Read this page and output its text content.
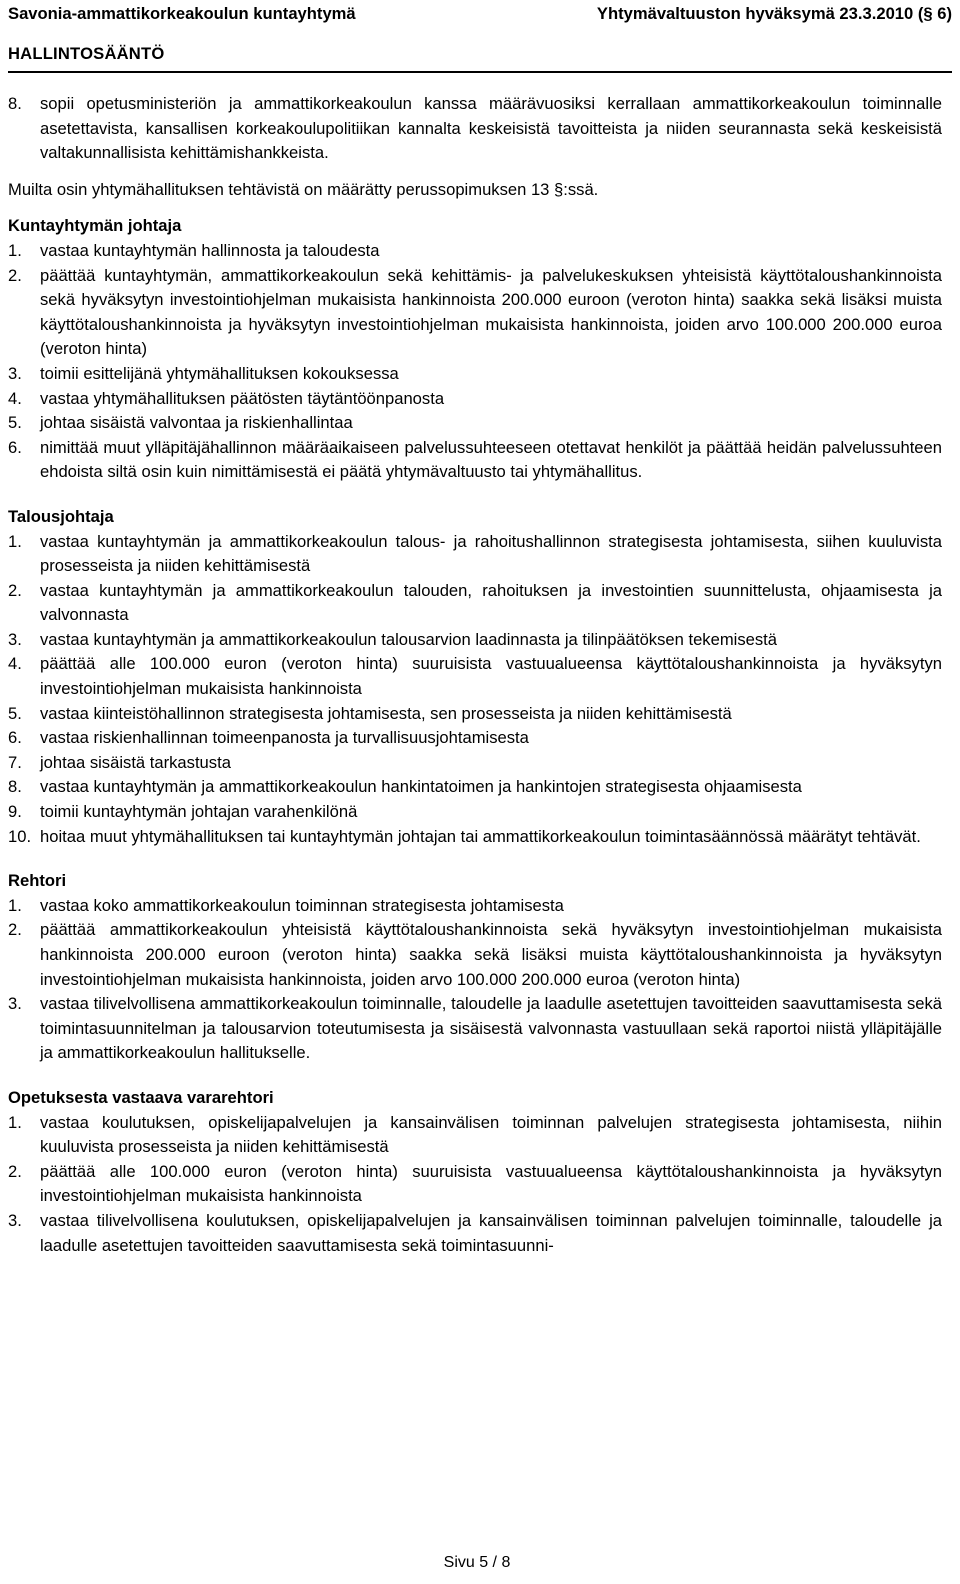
Savonia-ammattikorkeakoulun kuntayhtymä	Yhtymävaltuuston hyväksymä 23.3.2010 (§ 6)
HALLINTOSÄÄNTÖ
8.	sopii opetusministeriön ja ammattikorkeakoulun kanssa määrävuosiksi kerrallaan ammattikorkeakoulun toiminnalle asetettavista, kansallisen korkeakoulupolitiikan kannalta keskeisistä tavoitteista ja niiden seurannasta sekä keskeisistä valtakunnallisista kehittämishankkeista.

Muilta osin yhtymähallituksen tehtävistä on määrätty perussopimuksen 13 §:ssä.

Kuntayhtymän johtaja

1.	vastaa kuntayhtymän hallinnosta ja taloudesta
2.	päättää kuntayhtymän, ammattikorkeakoulun sekä kehittämis- ja palvelukeskuksen yhteisistä käyttötaloushankinnoista sekä hyväksytyn investointiohjelman mukaisista hankinnoista 200.000 euroon (veroton hinta) saakka sekä lisäksi muista käyttötaloushankinnoista ja hyväksytyn investointiohjelman mukaisista hankinnoista, joiden arvo 100.000 200.000 euroa (veroton hinta)
3.	toimii esittelijänä yhtymähallituksen kokouksessa
4.	vastaa yhtymähallituksen päätösten täytäntöönpanosta
5.	johtaa sisäistä valvontaa ja riskienhallintaa
6.	nimittää muut ylläpitäjähallinnon määräaikaiseen palvelussuhteeseen otettavat henkilöt ja päättää heidän palvelussuhteen ehdoista siltä osin kuin nimittämisestä ei päätä yhtymävaltuusto tai yhtymähallitus.

Talousjohtaja

1.	vastaa kuntayhtymän ja ammattikorkeakoulun talous- ja rahoitushallinnon strategisesta johtamisesta, siihen kuuluvista prosesseista ja niiden kehittämisestä
2.	vastaa kuntayhtymän ja ammattikorkeakoulun talouden, rahoituksen ja investointien suunnittelusta, ohjaamisesta ja valvonnasta
3.	vastaa kuntayhtymän ja ammattikorkeakoulun talousarvion laadinnasta ja tilinpäätöksen tekemisestä
4.	päättää alle 100.000 euron (veroton hinta) suuruisista vastuualueensa käyttötaloushankinnoista ja hyväksytyn investointiohjelman mukaisista hankinnoista
5.	vastaa kiinteistöhallinnon strategisesta johtamisesta, sen prosesseista ja niiden kehittämisestä
6.	vastaa riskienhallinnan toimeenpanosta ja turvallisuusjohtamisesta
7.	johtaa sisäistä tarkastusta
8.	vastaa kuntayhtymän ja ammattikorkeakoulun hankintatoimen ja hankintojen strategisesta ohjaamisesta
9.	toimii kuntayhtymän johtajan varahenkilönä
10. hoitaa muut yhtymähallituksen tai kuntayhtymän johtajan tai ammattikorkeakoulun toimintasäännössä määrätyt tehtävät.

Rehtori

1.	vastaa koko ammattikorkeakoulun toiminnan strategisesta johtamisesta
2.	päättää ammattikorkeakoulun yhteisistä käyttötaloushankinnoista sekä hyväksytyn investointiohjelman mukaisista hankinnoista 200.000 euroon (veroton hinta) saakka sekä lisäksi muista käyttötaloushankinnoista ja hyväksytyn investointiohjelman mukaisista hankinnoista, joiden arvo 100.000 200.000 euroa (veroton hinta)
3.	vastaa tilivelvollisena ammattikorkeakoulun toiminnalle, taloudelle ja laadulle asetettujen tavoitteiden saavuttamisesta sekä toimintasuunnitelman ja talousarvion toteutumisesta ja sisäisestä valvonnasta vastuullaan sekä raportoi niistä ylläpitäjälle ja ammattikorkeakoulun hallitukselle.

Opetuksesta vastaava vararehtori

1.	vastaa koulutuksen, opiskelijapalvelujen ja kansainvälisen toiminnan palvelujen strategisesta johtamisesta, niihin kuuluvista prosesseista ja niiden kehittämisestä
2.	päättää alle 100.000 euron (veroton hinta) suuruisista vastuualueensa käyttötaloushankinnoista ja hyväksytyn investointiohjelman mukaisista hankinnoista
3.	vastaa tilivelvollisena koulutuksen, opiskelijapalvelujen ja kansainvälisen toiminnan palvelujen toiminnalle, taloudelle ja laadulle asetettujen tavoitteiden saavuttamisesta sekä toimintasuunni-
Sivu 5 / 8
